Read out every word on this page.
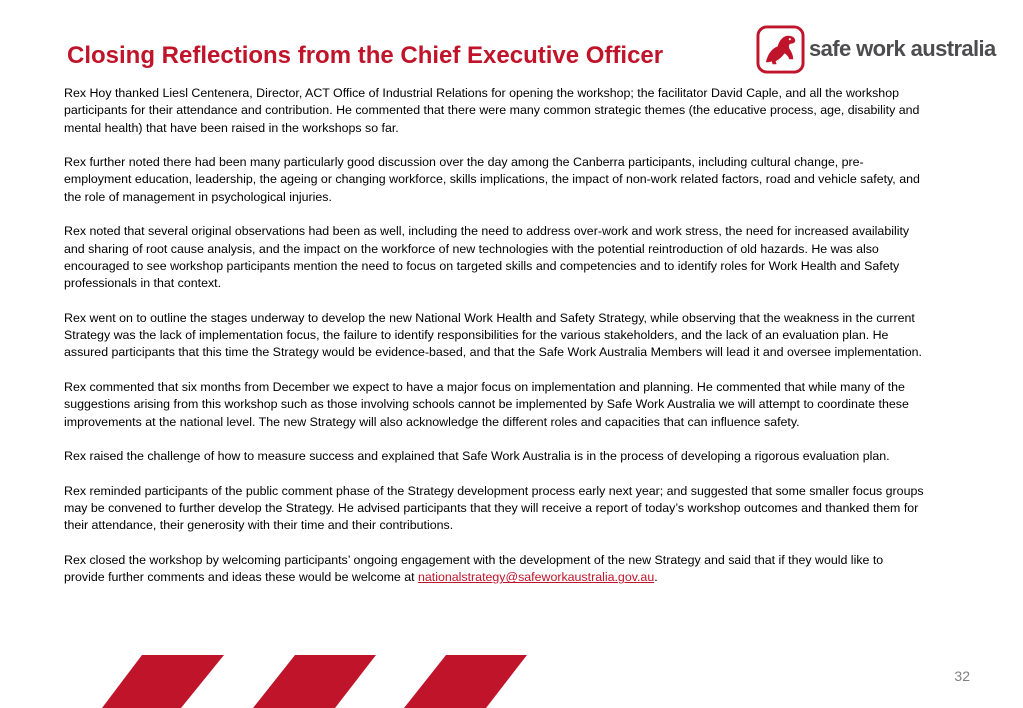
Closing Reflections from the Chief Executive Officer	safe work australia

Rex Hoy thanked Liesl Centenera, Director, ACT Office of Industrial Relations for opening the workshop; the facilitator David Caple, and all the workshop participants for their attendance and contribution. He commented that there were many common strategic themes (the educative process, age, disability and mental health) that have been raised in the workshops so far.

Rex further noted there had been many particularly good discussion over the day among the Canberra participants, including cultural change, pre-employment education, leadership, the ageing or changing workforce, skills implications, the impact of non-work related factors, road and vehicle safety, and the role of management in psychological injuries.

Rex noted that several original observations had been as well, including the need to address over-work and work stress, the need for increased availability and sharing of root cause analysis, and the impact on the workforce of new technologies with the potential reintroduction of old hazards. He was also encouraged to see workshop participants mention the need to focus on targeted skills and competencies and to identify roles for Work Health and Safety professionals in that context.

Rex went on to outline the stages underway to develop the new National Work Health and Safety Strategy, while observing that the weakness in the current Strategy was the lack of implementation focus, the failure to identify responsibilities for the various stakeholders, and the lack of an evaluation plan. He assured participants that this time the Strategy would be evidence-based, and that the Safe Work Australia Members will lead it and oversee implementation.

Rex commented that six months from December we expect to have a major focus on implementation and planning. He commented that while many of the suggestions arising from this workshop such as those involving schools cannot be implemented by Safe Work Australia we will attempt to coordinate these improvements at the national level. The new Strategy will also acknowledge the different roles and capacities that can influence safety.

Rex raised the challenge of how to measure success and explained that Safe Work Australia is in the process of developing a rigorous evaluation plan.

Rex reminded participants of the public comment phase of the Strategy development process early next year; and suggested that some smaller focus groups may be convened to further develop the Strategy. He advised participants that they will receive a report of today’s workshop outcomes and thanked them for their attendance, their generosity with their time and their contributions.

Rex closed the workshop by welcoming participants’ ongoing engagement with the development of the new Strategy and said that if they would like to provide further comments and ideas these would be welcome at nationalstrategy@safeworkaustralia.gov.au.

32
